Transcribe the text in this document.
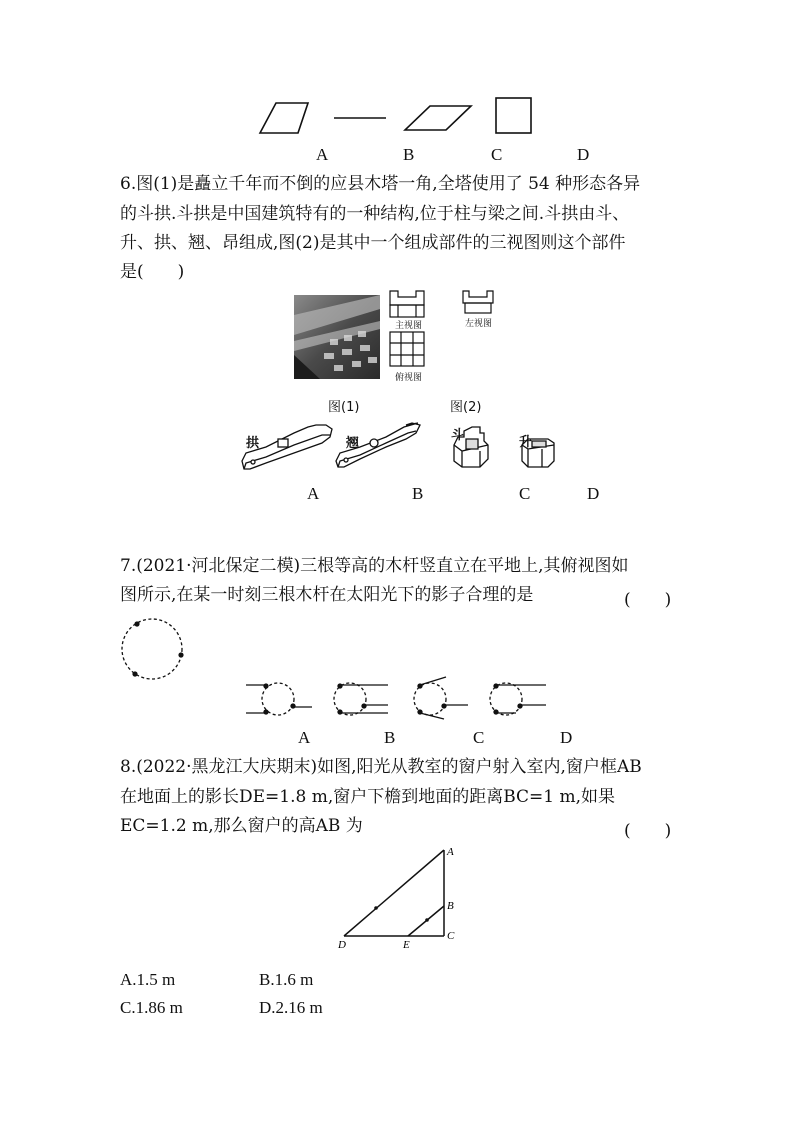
A	B	C	D
6.图(1)是矗立千年而不倒的应县木塔一角,全塔使用了 54 种形态各异
的斗拱.斗拱是中国建筑特有的一种结构,位于柱与梁之间.斗拱由斗、
升、拱、翘、昂组成,图(2)是其中一个组成部件的三视图则这个部件
是(　　)
主视图	左视图
俯视图
图(1)	图(2)
拱	翘
斗	升
A	B	C	D
7.(2021·河北保定二模)三根等高的木杆竖直立在平地上,其俯视图如
图所示,在某一时刻三根木杆在太阳光下的影子合理的是	(　　)
A	B	C	D
8.(2022·黑龙江大庆期末)如图,阳光从教室的窗户射入室内,窗户框AB
在地面上的影长DE=1.8 m,窗户下檐到地面的距离BC=1 m,如果
EC=1.2 m,那么窗户的高AB 为	(　　)
A
B
C
D	E
A.1.5 m	B.1.6 m
C.1.86 m	D.2.16 m
